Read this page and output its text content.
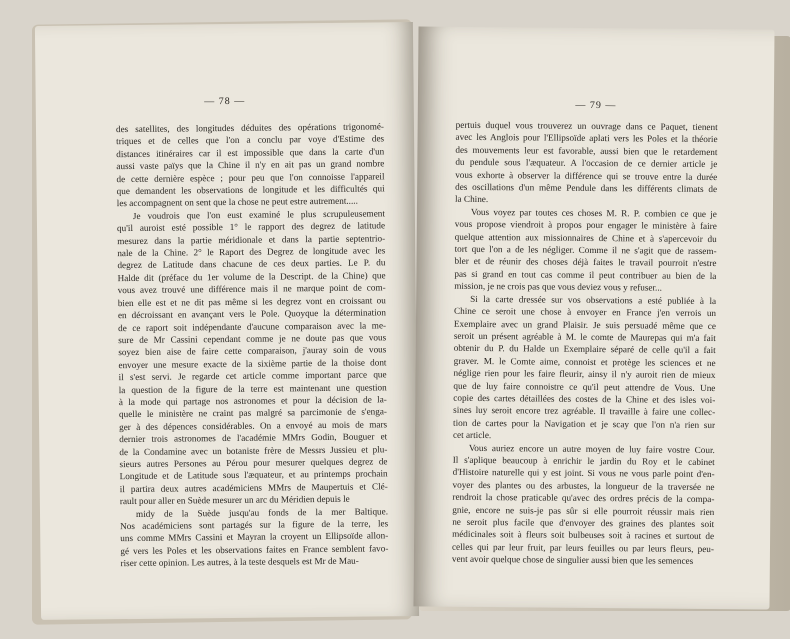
— 78 —
des satellites, des longitudes déduites des opérations trigonomé-
triques et de celles que l'on a conclu par voye d'Estime des
distances itinéraires car il est impossible que dans la carte d'un
aussi vaste païys que la Chine il n'y en ait pas un grand nombre
de cette dernière espèce ; pour peu que l'on connoisse l'appareil
que demandent les observations de longitude et les difficultés qui
les accompagnent on sent que la chose ne peut estre autrement.....
Je voudrois que l'on eust examiné le plus scrupuleusement
qu'il auroist esté possible 1° le rapport des degrez de latitude
mesurez dans la partie méridionale et dans la partie septentrio-
nale de la Chine. 2° le Raport des Degrez de longitude avec les
degrez de Latitude dans chacune de ces deux parties. Le P. du
Halde dit (préface du 1er volume de la Descript. de la Chine) que
vous avez trouvé une différence mais il ne marque point de com-
bien elle est et ne dit pas même si les degrez vont en croissant ou
en décroissant en avançant vers le Pole. Quoyque la détermination
de ce raport soit indépendante d'aucune comparaison avec la me-
sure de Mr Cassini cependant comme je ne doute pas que vous
soyez bien aise de faire cette comparaison, j'auray soin de vous
envoyer une mesure exacte de la sixième partie de la thoise dont
il s'est servi. Je regarde cet article comme important parce que
la question de la figure de la terre est maintenant une question
à la mode qui partage nos astronomes et pour la décision de la-
quelle le ministère ne craint pas malgré sa parcimonie de s'enga-
ger à des dépences considérables. On a envoyé au mois de mars
dernier trois astronomes de l'académie MMrs Godin, Bouguer et
de la Condamine avec un botaniste frère de Messrs Jussieu et plu-
sieurs autres Persones au Pérou pour mesurer quelques degrez de
Longitude et de Latitude sous l'æquateur, et au printemps prochain
il partira deux autres académiciens MMrs de Maupertuis et Clé-
rault pour aller en Suède mesurer un arc du Méridien depuis le
midy de la Suède jusqu'au fonds de la mer Baltique.
Nos académiciens sont partagés sur la figure de la terre, les
uns comme MMrs Cassini et Mayran la croyent un Ellipsoïde allon-
gé vers les Poles et les observations faites en France semblent favo-
riser cette opinion. Les autres, à la teste desquels est Mr de Mau-
— 79 —
pertuis duquel vous trouverez un ouvrage dans ce Paquet, tienent
avec les Anglois pour l'Ellipsoïde aplati vers les Poles et la théorie
des mouvements leur est favorable, aussi bien que le retardement
du pendule sous l'æquateur. A l'occasion de ce dernier article je
vous exhorte à observer la différence qui se trouve entre la durée
des oscillations d'un même Pendule dans les différents climats de
la Chine.
Vous voyez par toutes ces choses M. R. P. combien ce que je
vous propose viendroit à propos pour engager le ministère à faire
quelque attention aux missionnaires de Chine et à s'apercevoir du
tort que l'on a de les négliger. Comme il ne s'agit que de rassem-
bler et de réunir des choses déjà faites le travail pourroit n'estre
pas si grand en tout cas comme il peut contribuer au bien de la
mission, je ne crois pas que vous deviez vous y refuser...
Si la carte dressée sur vos observations a esté publiée à la
Chine ce seroit une chose à envoyer en France j'en verrois un
Exemplaire avec un grand Plaisir. Je suis persuadé même que ce
seroit un présent agréable à M. le comte de Maurepas qui m'a fait
obtenir du P. du Halde un Exemplaire séparé de celle qu'il a fait
graver. M. le Comte aime, connoist et protège les sciences et ne
néglige rien pour les faire fleurir, ainsy il n'y auroit rien de mieux
que de luy faire connoistre ce qu'il peut attendre de Vous. Une
copie des cartes détaillées des costes de la Chine et des isles voi-
sines luy seroit encore trez agréable. Il travaille à faire une collec-
tion de cartes pour la Navigation et je scay que l'on n'a rien sur
cet article.
Vous auriez encore un autre moyen de luy faire vostre Cour.
Il s'aplique beaucoup à enrichir le jardin du Roy et le cabinet
d'Histoire naturelle qui y est joint. Si vous ne vous parle point d'en-
voyer des plantes ou des arbustes, la longueur de la traversée ne
rendroit la chose praticable qu'avec des ordres précis de la compa-
gnie, encore ne suis-je pas sûr si elle pourroit réussir mais rien
ne seroit plus facile que d'envoyer des graines des plantes soit
médicinales soit à fleurs soit bulbeuses soit à racines et surtout de
celles qui par leur fruit, par leurs feuilles ou par leurs fleurs, peu-
vent avoir quelque chose de singulier aussi bien que les semences
